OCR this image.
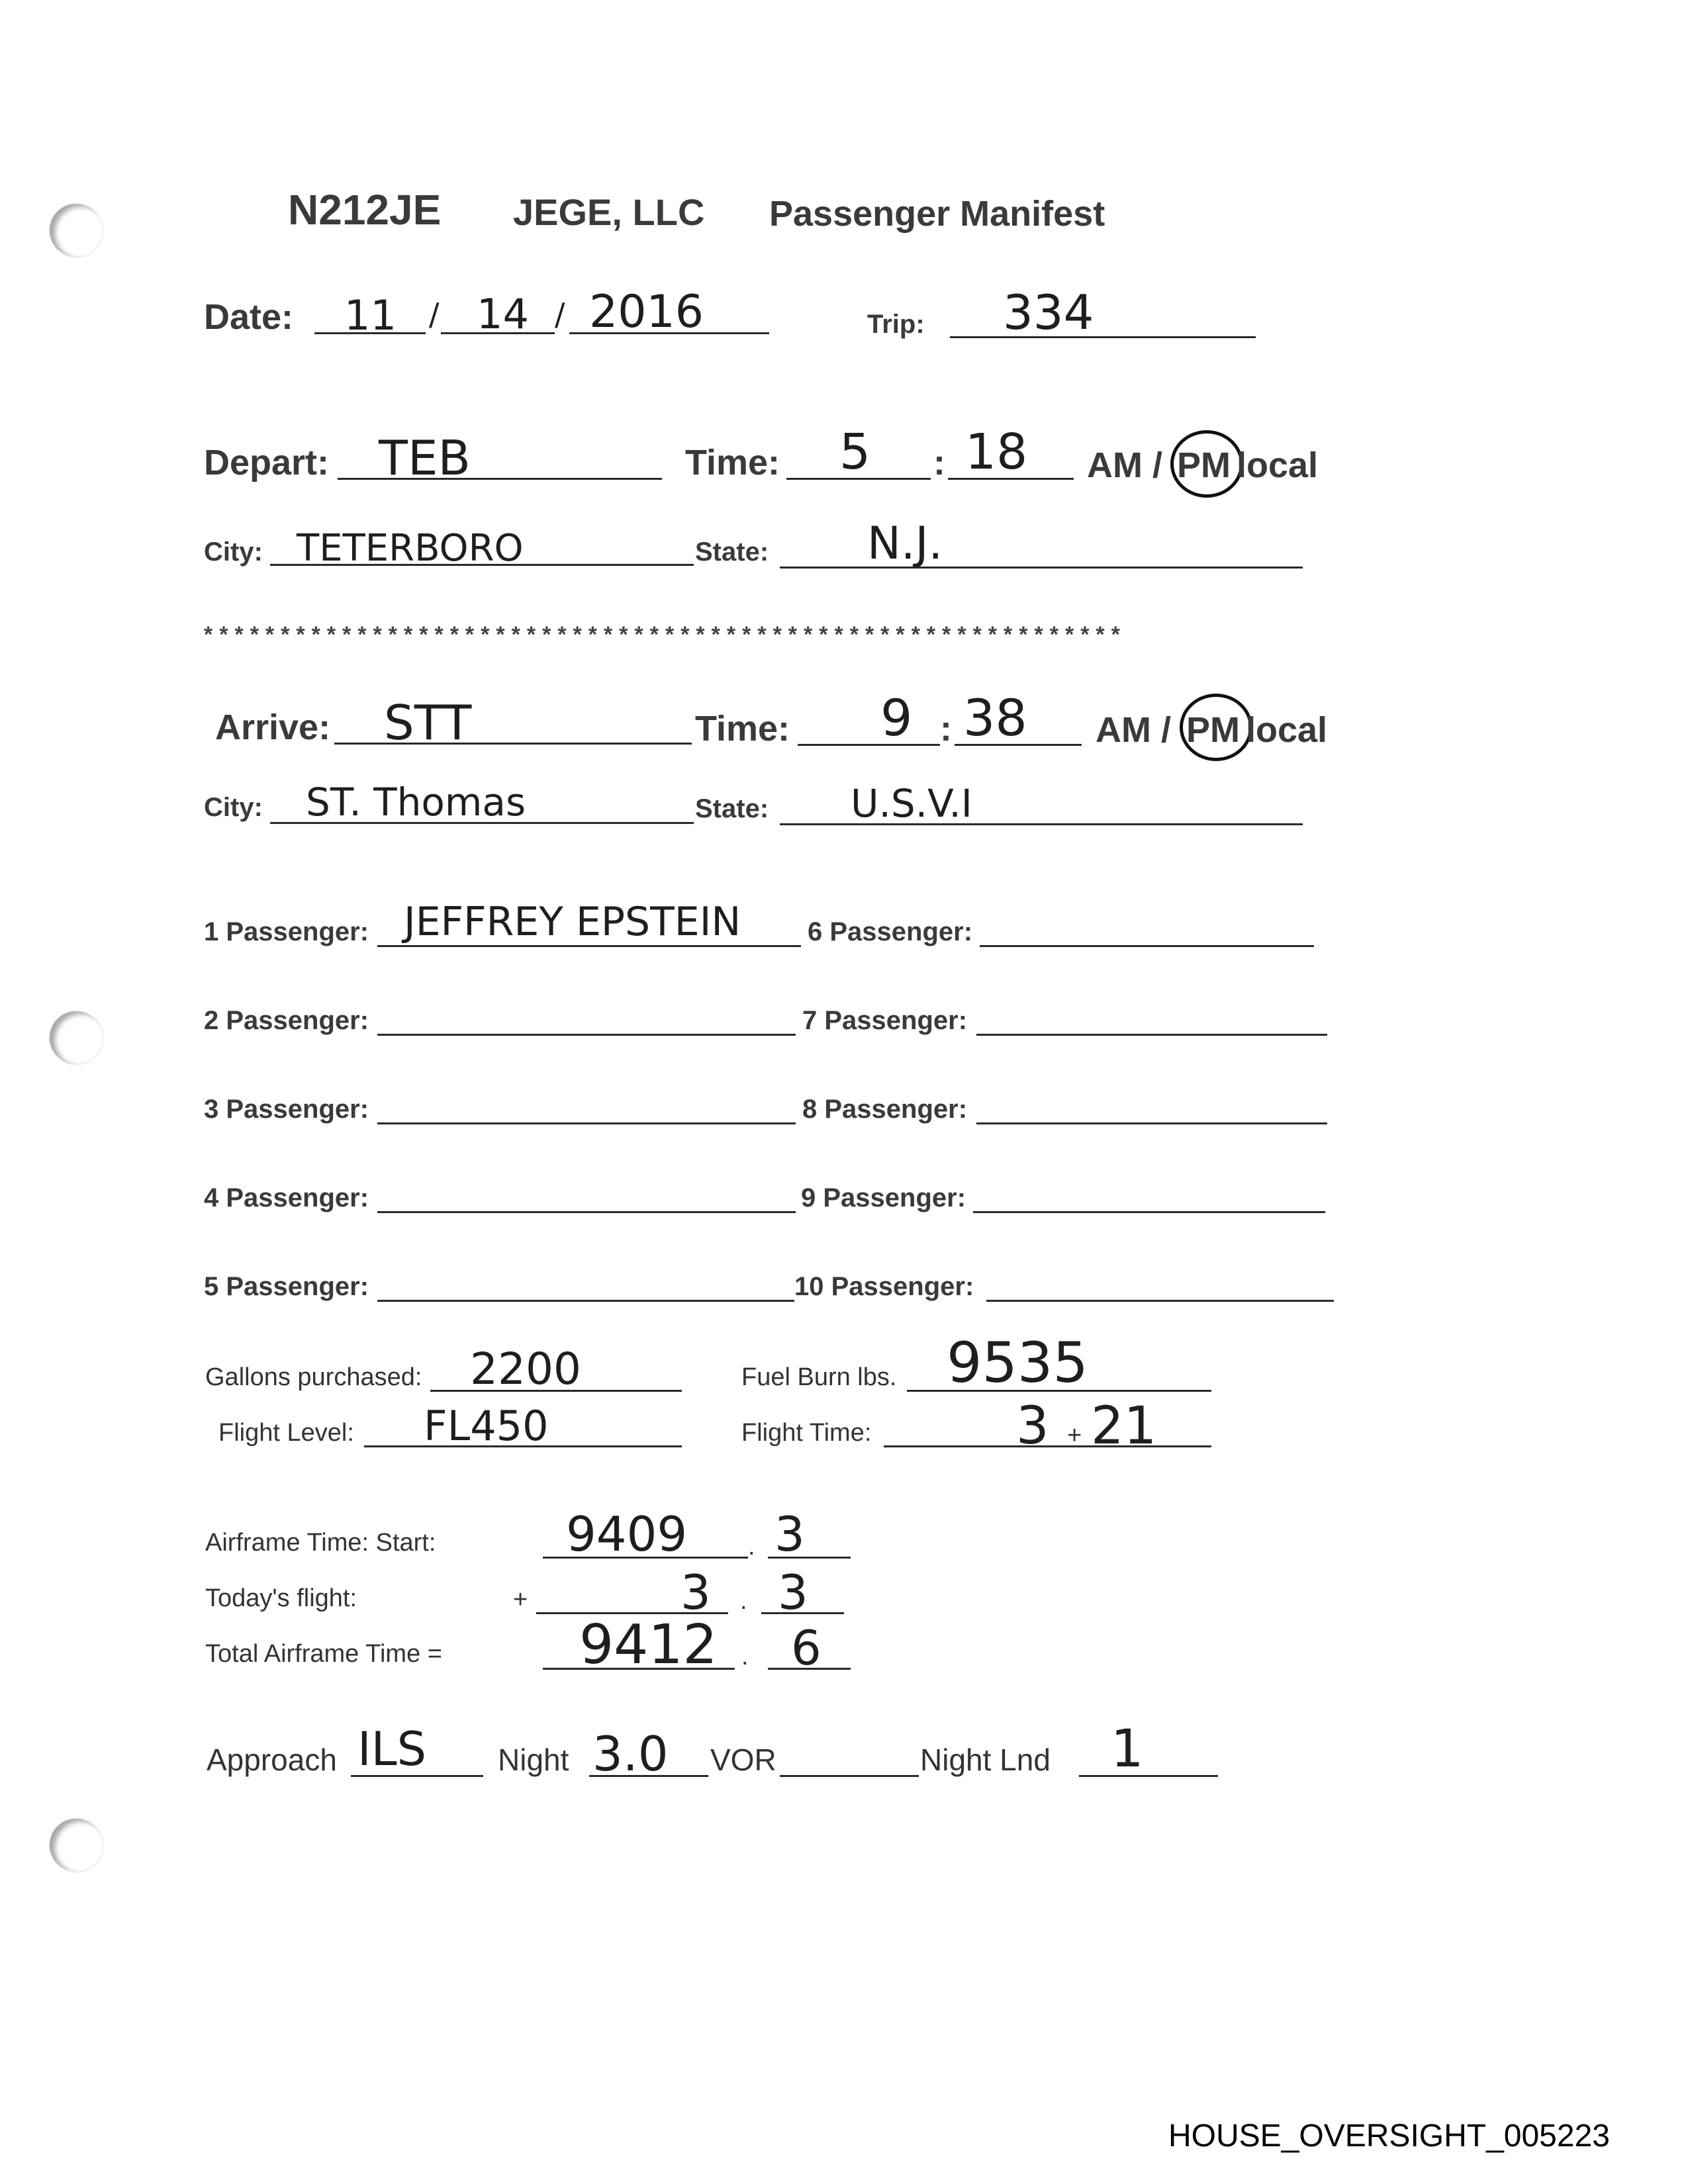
N212JE JEGE, LLC Passenger Manifest
Date: 11 / 14 / 2016	Trip: 334
Depart: TEB	Time: 5 : 18 AM / PM local
City: TETERBORO	State: N.J.
************************************************************
Arrive: STT	Time: 9 : 38 AM / PM local
City: ST. Thomas	State: U.S.V.I
1 Passenger: JEFFREY EPSTEIN
2 Passenger:
3 Passenger:
4 Passenger:
5 Passenger:
6 Passenger:
7 Passenger:
8 Passenger:
9 Passenger:
10 Passenger:
Gallons purchased: 2200	Fuel Burn lbs. 9535
Flight Level: FL450	Flight Time:	3 + 21
Airframe Time: Start:	9409 . 3
Today's flight:	+	3 . 3
Total Airframe Time =	9412 . 6
Approach ILS Night 3.0 VOR	Night Lnd 1
HOUSE_OVERSIGHT_005223
